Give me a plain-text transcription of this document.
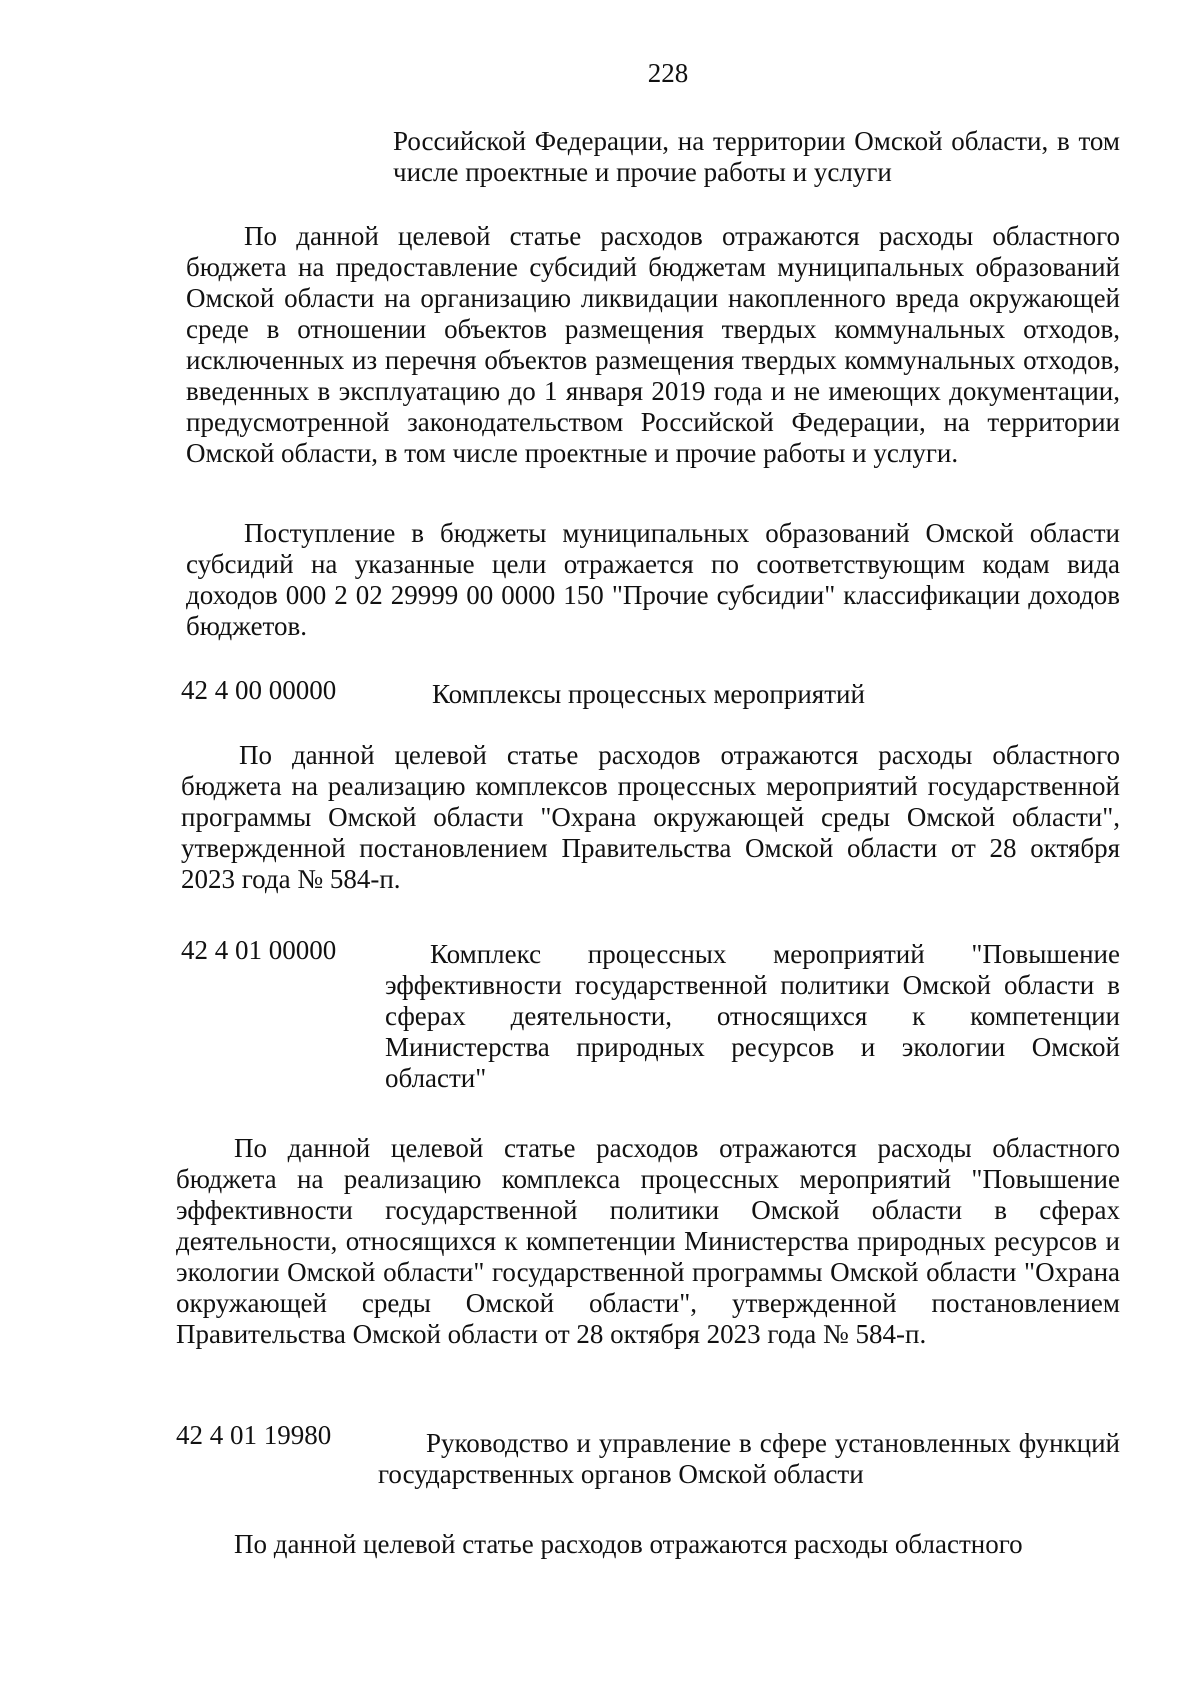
228
Российской Федерации, на территории Омской области, в том числе проектные и прочие работы и услуги
По данной целевой статье расходов отражаются расходы областного бюджета на предоставление субсидий бюджетам муниципальных образований Омской области на организацию ликвидации накопленного вреда окружающей среде в отношении объектов размещения твердых коммунальных отходов, исключенных из перечня объектов размещения твердых коммунальных отходов, введенных в эксплуатацию до 1 января 2019 года и не имеющих документации, предусмотренной законодательством Российской Федерации, на территории Омской области, в том числе проектные и прочие работы и услуги.
Поступление в бюджеты муниципальных образований Омской области субсидий на указанные цели отражается по соответствующим кодам вида доходов 000 2 02 29999 00 0000 150 "Прочие субсидии" классификации доходов бюджетов.
42 4 00 00000	Комплексы процессных мероприятий
По данной целевой статье расходов отражаются расходы областного бюджета на реализацию комплексов процессных мероприятий государственной программы Омской области "Охрана окружающей среды Омской области", утвержденной постановлением Правительства Омской области от 28 октября 2023 года № 584-п.
42 4 01 00000	Комплекс процессных мероприятий "Повышение эффективности государственной политики Омской области в сферах деятельности, относящихся к компетенции Министерства природных ресурсов и экологии Омской области"
По данной целевой статье расходов отражаются расходы областного бюджета на реализацию комплекса процессных мероприятий "Повышение эффективности государственной политики Омской области в сферах деятельности, относящихся к компетенции Министерства природных ресурсов и экологии Омской области" государственной программы Омской области "Охрана окружающей среды Омской области", утвержденной постановлением Правительства Омской области от 28 октября 2023 года № 584-п.
42 4 01 19980	Руководство и управление в сфере установленных функций государственных органов Омской области
По данной целевой статье расходов отражаются расходы областного
